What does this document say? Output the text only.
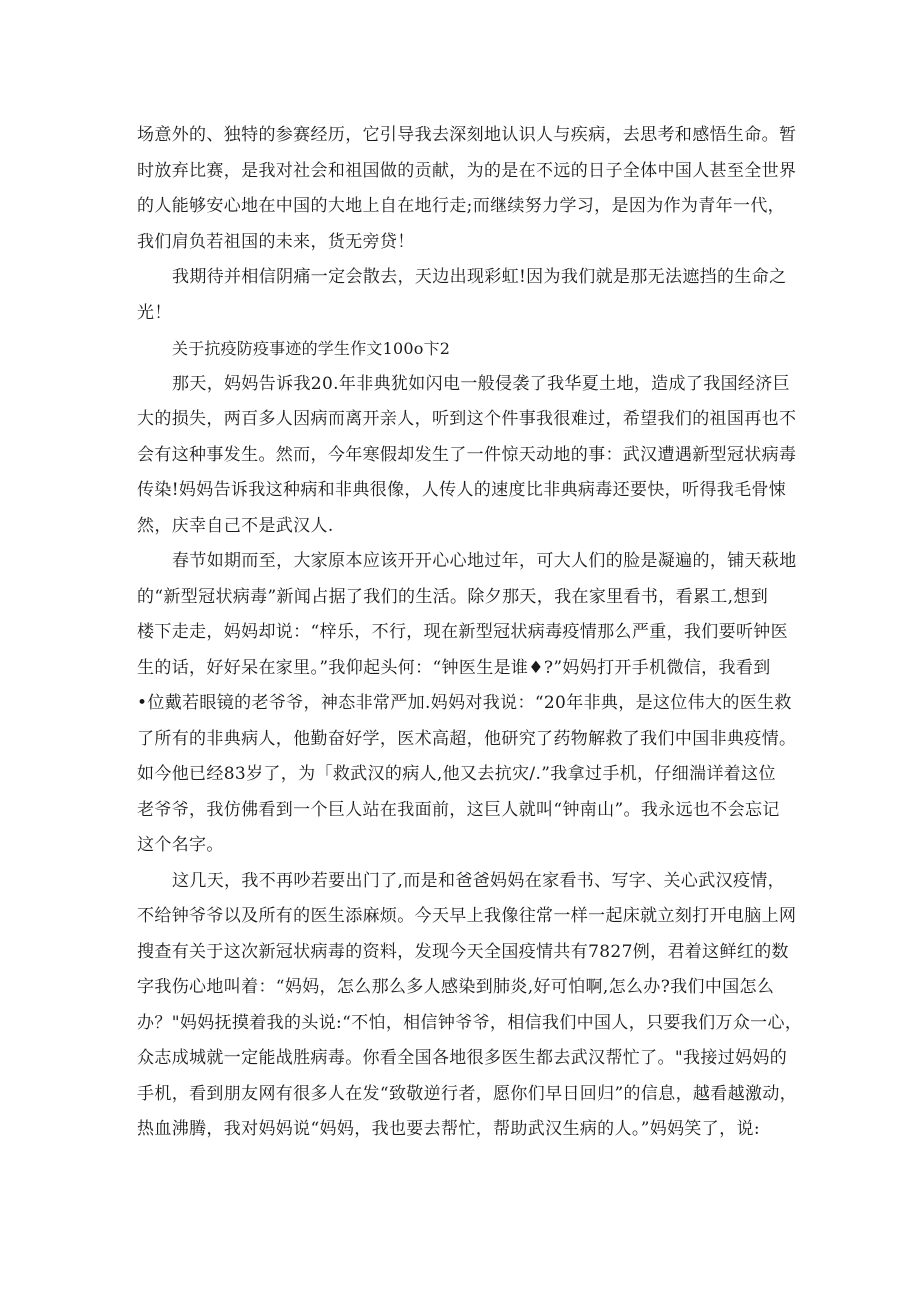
场意外的、独特的参赛经历，它引导我去深刻地认识人与疾病，去思考和感悟生命。暂
时放弃比赛，是我对社会和祖国做的贡献，为的是在不远的日子全体中国人甚至全世界
的人能够安心地在中国的大地上自在地行走;而继续努力学习，是因为作为青年一代，
我们肩负若祖国的未来，货无旁贷！
我期待并相信阴痛一定会散去，天边出现彩虹!因为我们就是那无法遮挡的生命之
光！
关于抗疫防疫事迹的学生作文100o卞2
那天，妈妈告诉我20.年非典犹如闪电一般侵袭了我华夏土地，造成了我国经济巨
大的损失，两百多人因病而离开亲人，听到这个件事我很难过，希望我们的祖国再也不
会有这种事发生。然而，今年寒假却发生了一件惊天动地的事：武汉遭遇新型冠状病毒
传染!妈妈告诉我这种病和非典很像，人传人的速度比非典病毒还要快，听得我毛骨悚
然，庆幸自己不是武汉人.
春节如期而至，大家原本应该开开心心地过年，可大人们的脸是凝遍的，铺天萩地
的“新型冠状病毒”新闻占据了我们的生活。除夕那天，我在家里看书，看累工,想到
楼下走走，妈妈却说：“梓乐，不行，现在新型冠状病毒疫情那么严重，我们要听钟医
生的话，好好呆在家里。”我仰起头何：“钟医生是谁♦?”妈妈打开手机微信，我看到
•位戴若眼镜的老爷爷，神态非常严加.妈妈对我说：“20年非典，是这位伟大的医生救
了所有的非典病人，他勤奋好学，医术高超，他研究了药物解救了我们中国非典疫情。
如今他已经83岁了，为「救武汉的病人,他又去抗灾/.”我拿过手机，仔细湍详着这位
老爷爷，我仿佛看到一个巨人站在我面前，这巨人就叫“钟南山”。我永远也不会忘记
这个名字。
这几天，我不再吵若要出门了,而是和爸爸妈妈在家看书、写字、关心武汉疫情，
不给钟爷爷以及所有的医生添麻烦。今天早上我像往常一样一起床就立刻打开电脑上网
搜查有关于这次新冠状病毒的资料，发现今天全国疫情共有7827例，君着这鲜红的数
字我伤心地叫着：“妈妈，怎么那么多人感染到肺炎,好可怕啊,怎么办?我们中国怎么
办？"妈妈抚摸着我的头说:“不怕，相信钟爷爷，相信我们中国人，只要我们万众一心，
众志成城就一定能战胜病毒。你看全国各地很多医生都去武汉帮忙了。"我接过妈妈的
手机，看到朋友网有很多人在发“致敬逆行者，愿你们早日回归”的信息，越看越激动，
热血沸腾，我对妈妈说“妈妈，我也要去帮忙，帮助武汉生病的人。”妈妈笑了，说:
